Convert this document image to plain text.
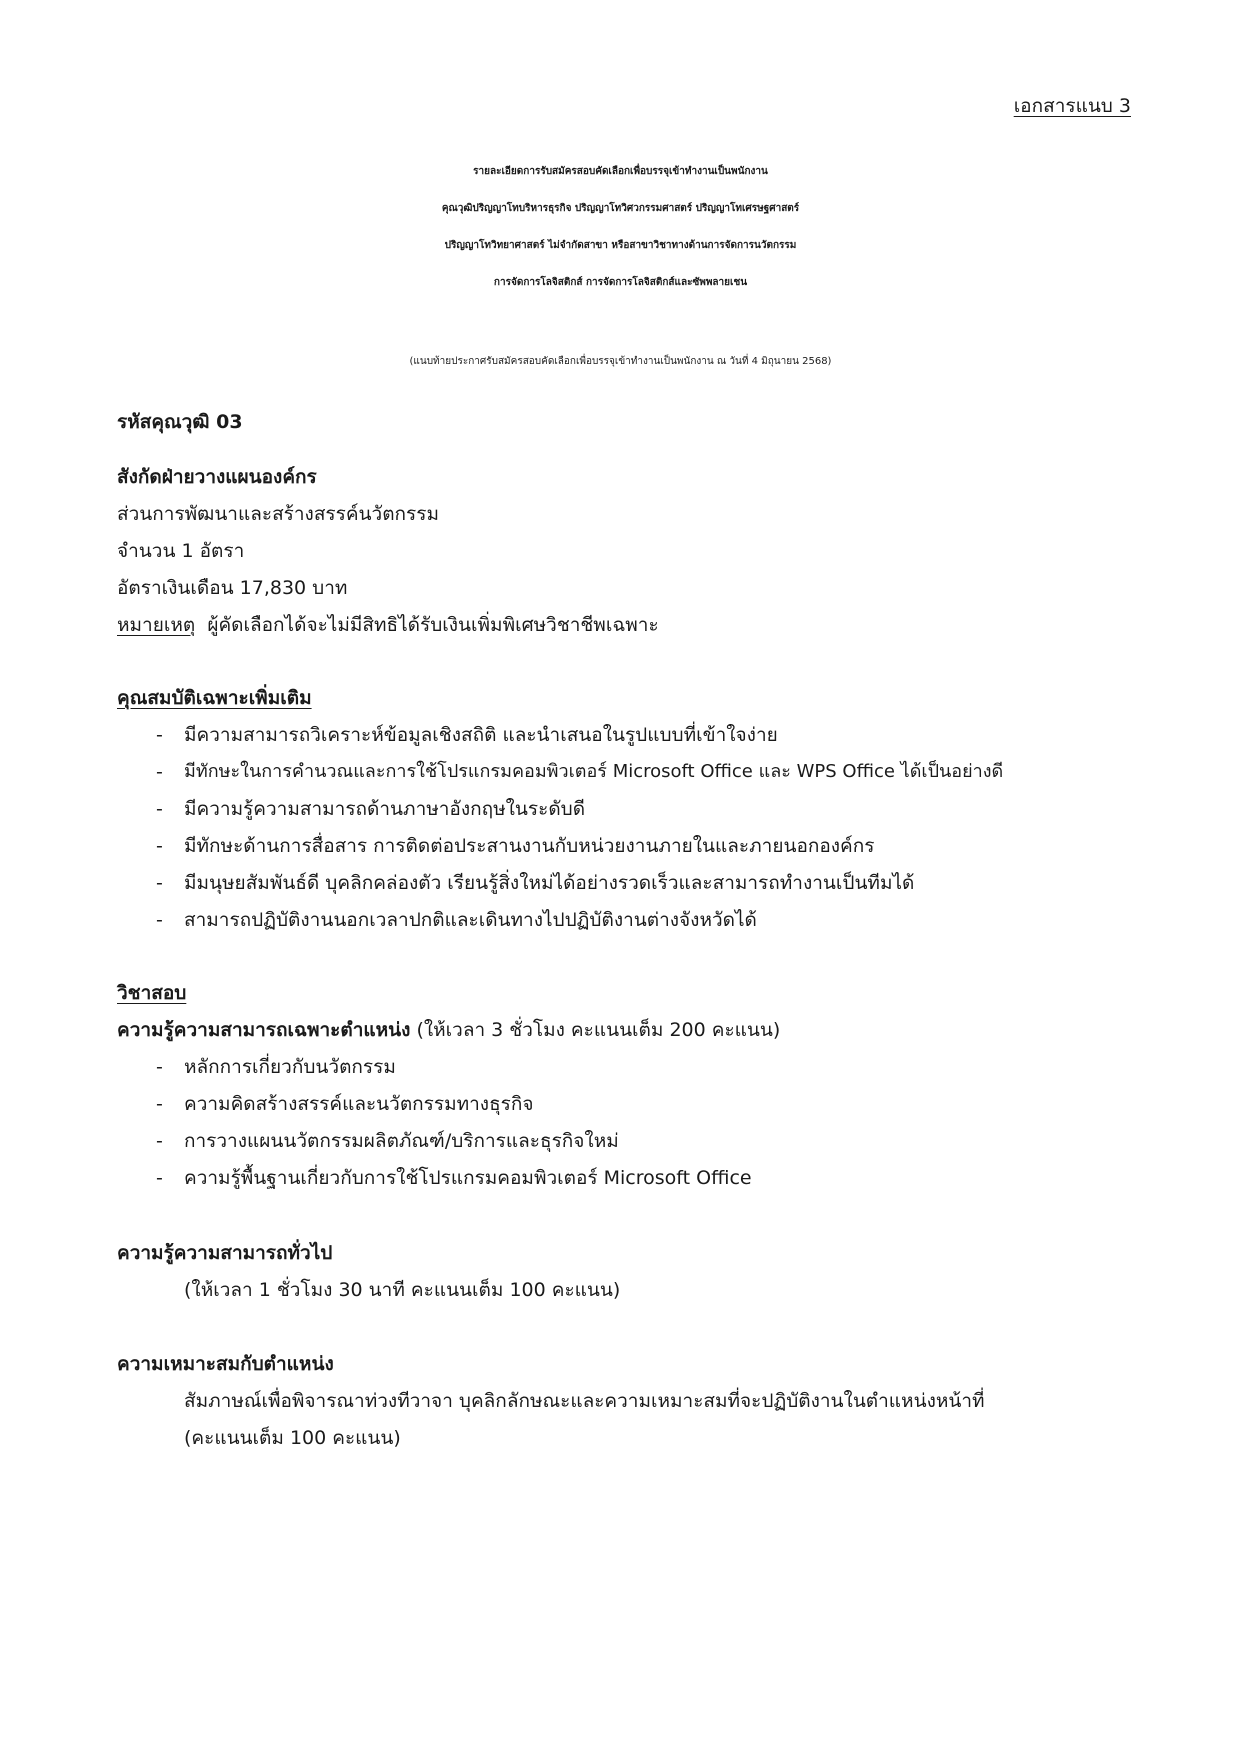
เอกสารแนบ 3
รายละเอียดการรับสมัครสอบคัดเลือกเพื่อบรรจุเข้าทำงานเป็นพนักงาน
คุณวุฒิปริญญาโทบริหารธุรกิจ ปริญญาโทวิศวกรรมศาสตร์ ปริญญาโทเศรษฐศาสตร์
ปริญญาโทวิทยาศาสตร์ ไม่จำกัดสาขา หรือสาขาวิชาทางด้านการจัดการนวัตกรรม
การจัดการโลจิสติกส์ การจัดการโลจิสติกส์และซัพพลายเชน
(แนบท้ายประกาศรับสมัครสอบคัดเลือกเพื่อบรรจุเข้าทำงานเป็นพนักงาน ณ วันที่ 4 มิถุนายน 2568)
รหัสคุณวุฒิ 03
สังกัดฝ่ายวางแผนองค์กร
ส่วนการพัฒนาและสร้างสรรค์นวัตกรรม
จำนวน 1 อัตรา
อัตราเงินเดือน 17,830 บาท
หมายเหตุ ผู้คัดเลือกได้จะไม่มีสิทธิได้รับเงินเพิ่มพิเศษวิชาชีพเฉพาะ
คุณสมบัติเฉพาะเพิ่มเติม
- มีความสามารถวิเคราะห์ข้อมูลเชิงสถิติ และนำเสนอในรูปแบบที่เข้าใจง่าย
- มีทักษะในการคำนวณและการใช้โปรแกรมคอมพิวเตอร์ Microsoft Office และ WPS Office ได้เป็นอย่างดี
- มีความรู้ความสามารถด้านภาษาอังกฤษในระดับดี
- มีทักษะด้านการสื่อสาร การติดต่อประสานงานกับหน่วยงานภายในและภายนอกองค์กร
- มีมนุษยสัมพันธ์ดี บุคลิกคล่องตัว เรียนรู้สิ่งใหม่ได้อย่างรวดเร็วและสามารถทำงานเป็นทีมได้
- สามารถปฏิบัติงานนอกเวลาปกติและเดินทางไปปฏิบัติงานต่างจังหวัดได้
วิชาสอบ
ความรู้ความสามารถเฉพาะตำแหน่ง (ให้เวลา 3 ชั่วโมง คะแนนเต็ม 200 คะแนน)
- หลักการเกี่ยวกับนวัตกรรม
- ความคิดสร้างสรรค์และนวัตกรรมทางธุรกิจ
- การวางแผนนวัตกรรมผลิตภัณฑ์/บริการและธุรกิจใหม่
- ความรู้พื้นฐานเกี่ยวกับการใช้โปรแกรมคอมพิวเตอร์ Microsoft Office
ความรู้ความสามารถทั่วไป
(ให้เวลา 1 ชั่วโมง 30 นาที คะแนนเต็ม 100 คะแนน)
ความเหมาะสมกับตำแหน่ง
สัมภาษณ์เพื่อพิจารณาท่วงทีวาจา บุคลิกลักษณะและความเหมาะสมที่จะปฏิบัติงานในตำแหน่งหน้าที่
(คะแนนเต็ม 100 คะแนน)
